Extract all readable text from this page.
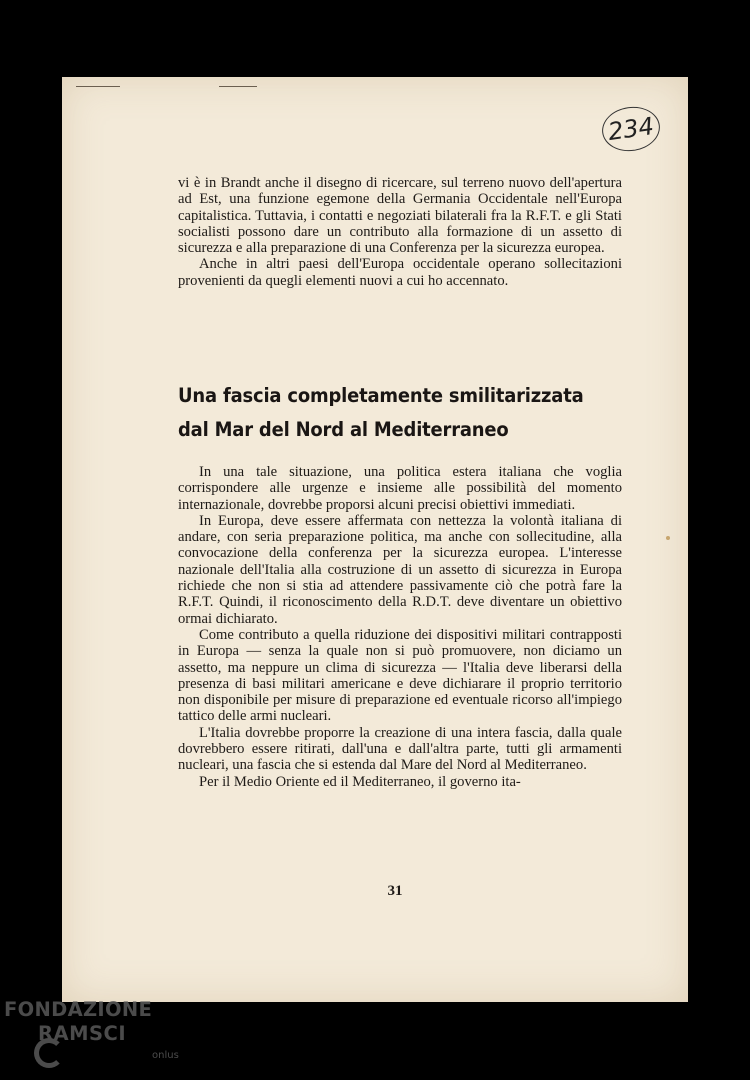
234

vi è in Brandt anche il disegno di ricercare, sul terreno nuovo dell'apertura ad Est, una funzione egemone della Germania Occidentale nell'Europa capitalistica. Tuttavia, i contatti e negoziati bilaterali fra la R.F.T. e gli Stati socialisti possono dare un contributo alla formazione di un assetto di sicurezza e alla preparazione di una Conferenza per la sicurezza europea.

Anche in altri paesi dell'Europa occidentale operano sollecitazioni provenienti da quegli elementi nuovi a cui ho accennato.

Una fascia completamente smilitarizzata
dal Mar del Nord al Mediterraneo

In una tale situazione, una politica estera italiana che voglia corrispondere alle urgenze e insieme alle possibilità del momento internazionale, dovrebbe proporsi alcuni precisi obiettivi immediati.

In Europa, deve essere affermata con nettezza la volontà italiana di andare, con seria preparazione politica, ma anche con sollecitudine, alla convocazione della conferenza per la sicurezza europea. L'interesse nazionale dell'Italia alla costruzione di un assetto di sicurezza in Europa richiede che non si stia ad attendere passivamente ciò che potrà fare la R.F.T. Quindi, il riconoscimento della R.D.T. deve diventare un obiettivo ormai dichiarato.

Come contributo a quella riduzione dei dispositivi militari contrapposti in Europa — senza la quale non si può promuovere, non diciamo un assetto, ma neppure un clima di sicurezza — l'Italia deve liberarsi della presenza di basi militari americane e deve dichiarare il proprio territorio non disponibile per misure di preparazione ed eventuale ricorso all'impiego tattico delle armi nucleari.

L'Italia dovrebbe proporre la creazione di una intera fascia, dalla quale dovrebbero essere ritirati, dall'una e dall'altra parte, tutti gli armamenti nucleari, una fascia che si estenda dal Mare del Nord al Mediterraneo.

Per il Medio Oriente ed il Mediterraneo, il governo ita-

31
FONDAZIONE
RAMSCI
onlus
